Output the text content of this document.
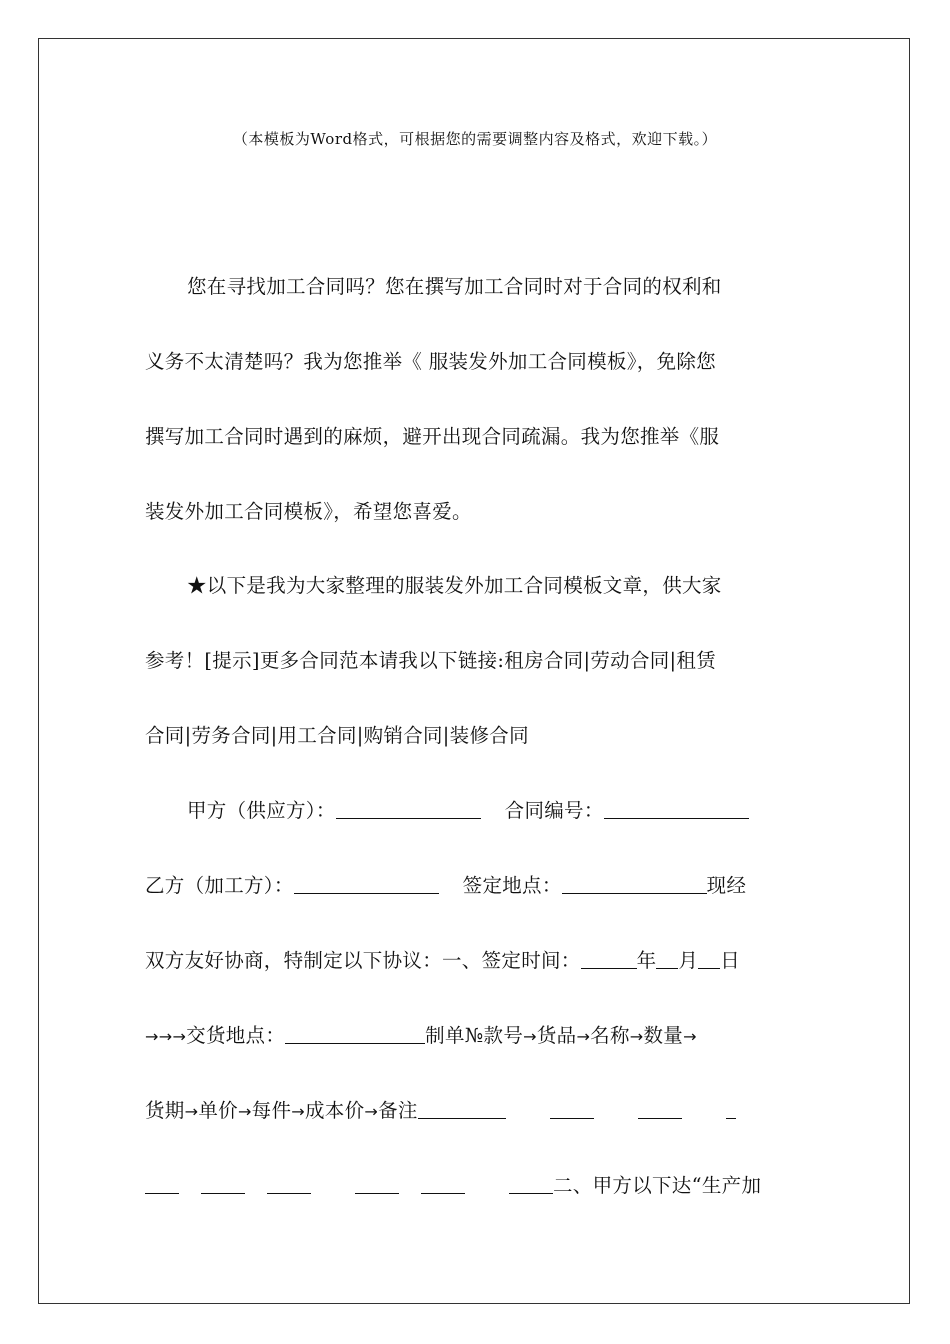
（本模板为Word格式，可根据您的需要调整内容及格式，欢迎下载。）
您在寻找加工合同吗？您在撰写加工合同时对于合同的权利和
义务不太清楚吗？我为您推举《 服装发外加工合同模板》，免除您
撰写加工合同时遇到的麻烦，避开出现合同疏漏。我为您推举《服
装发外加工合同模板》，希望您喜爱。
★以下是我为大家整理的服装发外加工合同模板文章，供大家
参考！[提示]更多合同范本请我以下链接:租房合同|劳动合同|租赁
合同|劳务合同|用工合同|购销合同|装修合同
甲方（供应方）：	合同编号：
乙方（加工方）：	签定地点：	现经
双方友好协商，特制定以下协议：一、签定时间：	年 月 日
→→→交货地点：	制单№款号→货品→名称→数量→
货期→单价→每件→成本价→备注
二、甲方以下达“生产加
